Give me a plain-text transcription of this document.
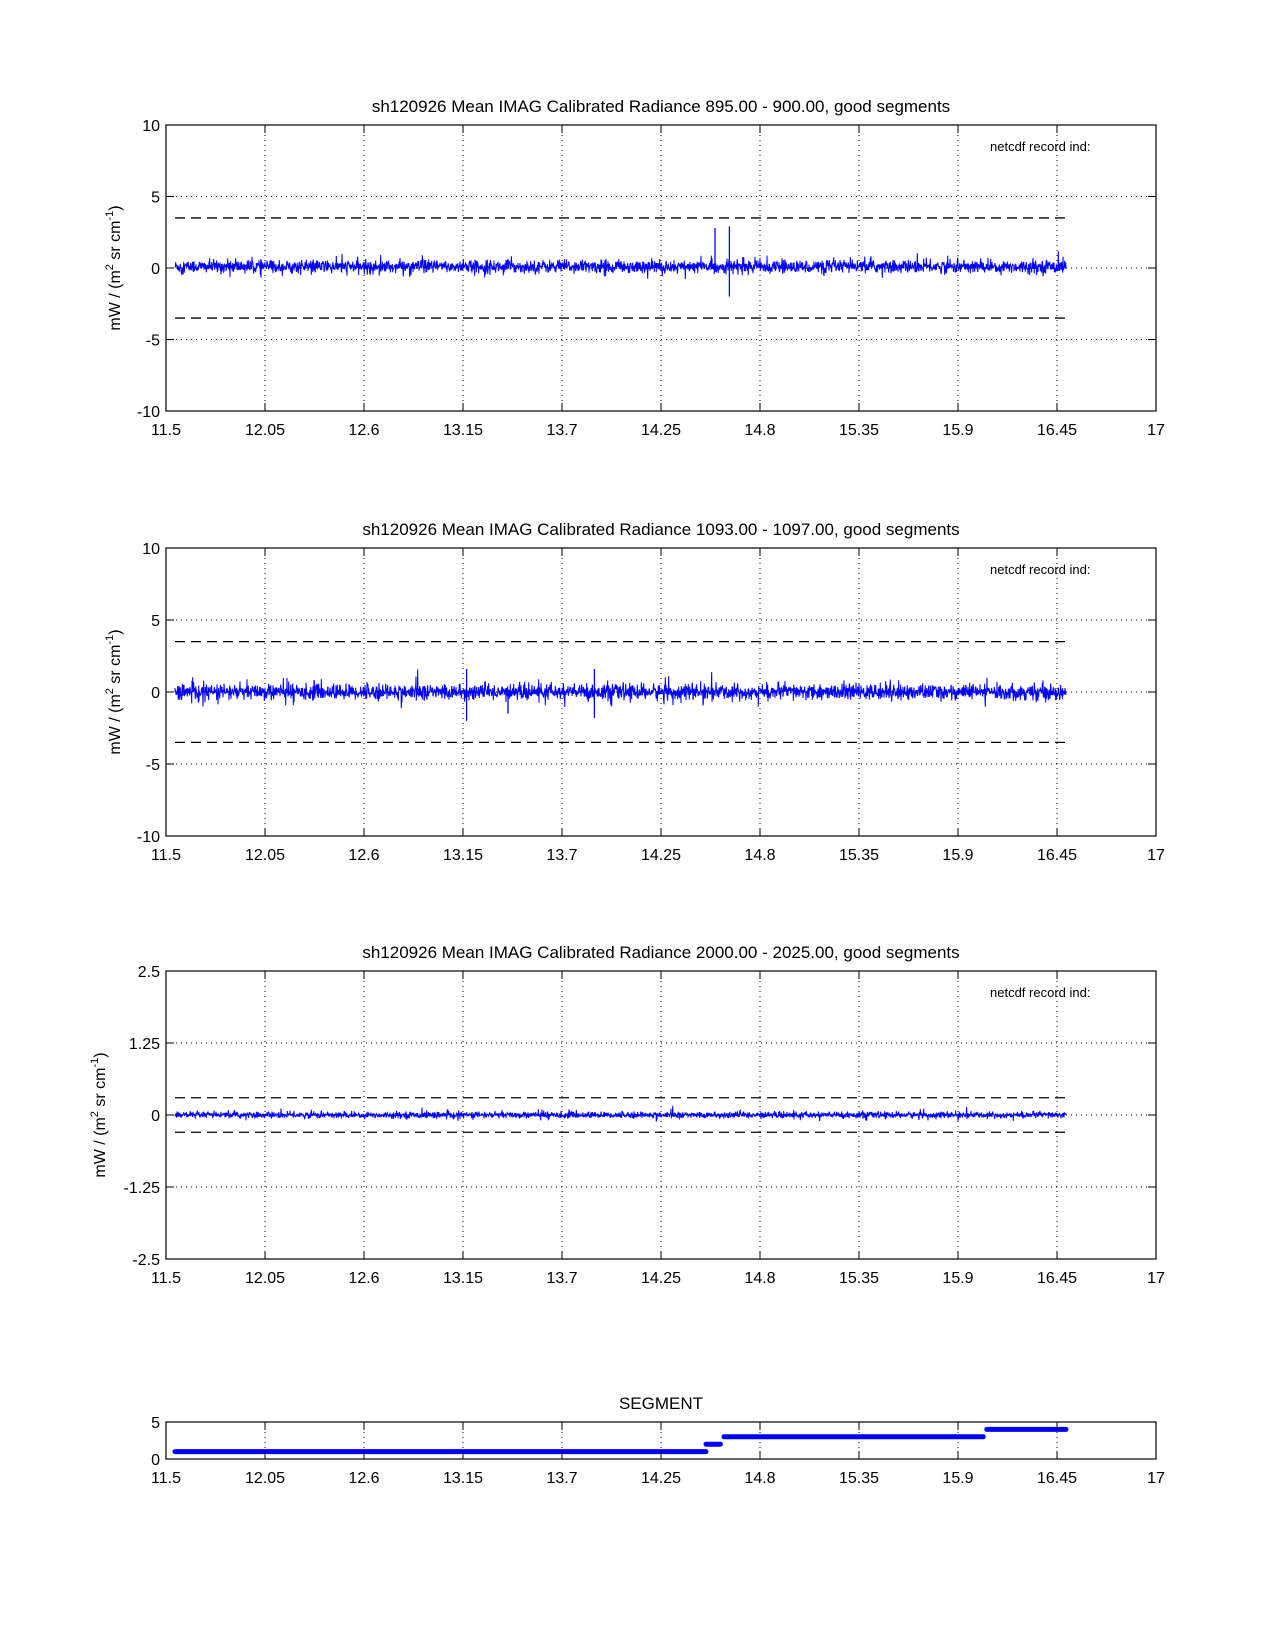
sh120926 Mean IMAG Calibrated Radiance 895.00 - 900.00, good segments
11.5	12.05	12.6	13.15	13.7	14.25	14.8	15.35	15.9	16.45	17
-10
-5
0
5
10
netcdf record ind:
mW / ($m^2$ sr $cm^{-1}$)
sh120926 Mean IMAG Calibrated Radiance 1093.00 - 1097.00, good segments
11.5	12.05	12.6	13.15	13.7	14.25	14.8	15.35	15.9	16.45	17
-10
-5
0
5
10
netcdf record ind:
mW / ($m^2$ sr $cm^{-1}$)
sh120926 Mean IMAG Calibrated Radiance 2000.00 - 2025.00, good segments
11.5	12.05	12.6	13.15	13.7	14.25	14.8	15.35	15.9	16.45	17
-2.5
-1.25
0
1.25
2.5
netcdf record ind:
mW / ($m^2$ sr $cm^{-1}$)
SEGMENT
11.5	12.05	12.6	13.15	13.7	14.25	14.8	15.35	15.9	16.45	17
0
5
